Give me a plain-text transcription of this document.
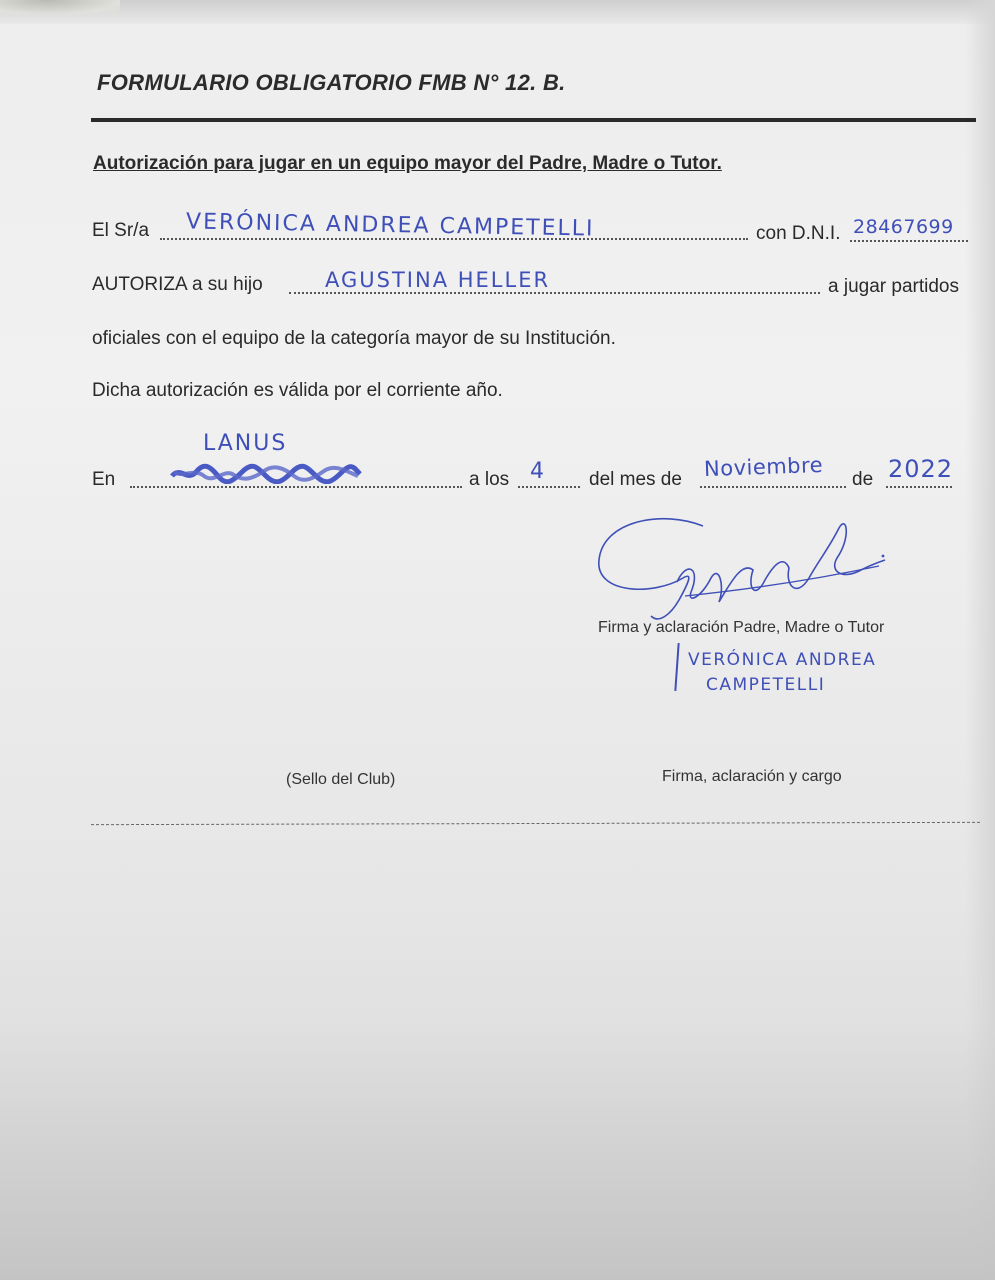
FORMULARIO OBLIGATORIO FMB N° 12. B.
Autorización para jugar en un equipo mayor del Padre, Madre o Tutor.
El Sr/a VERÓNICA ANDREA CAMPETELLI	con D.N.I. 28467699
AUTORIZA a su hijo	AGUSTINA HELLER	a jugar partidos
oficiales con el equipo de la categoría mayor de su Institución.
Dicha autorización es válida por el corriente año.
LANUS
En	a los 4 del mes de Noviembre de 2022
Firma y aclaración Padre, Madre o Tutor
VERÓNICA ANDREA
CAMPETELLI
(Sello del Club)	Firma, aclaración y cargo
